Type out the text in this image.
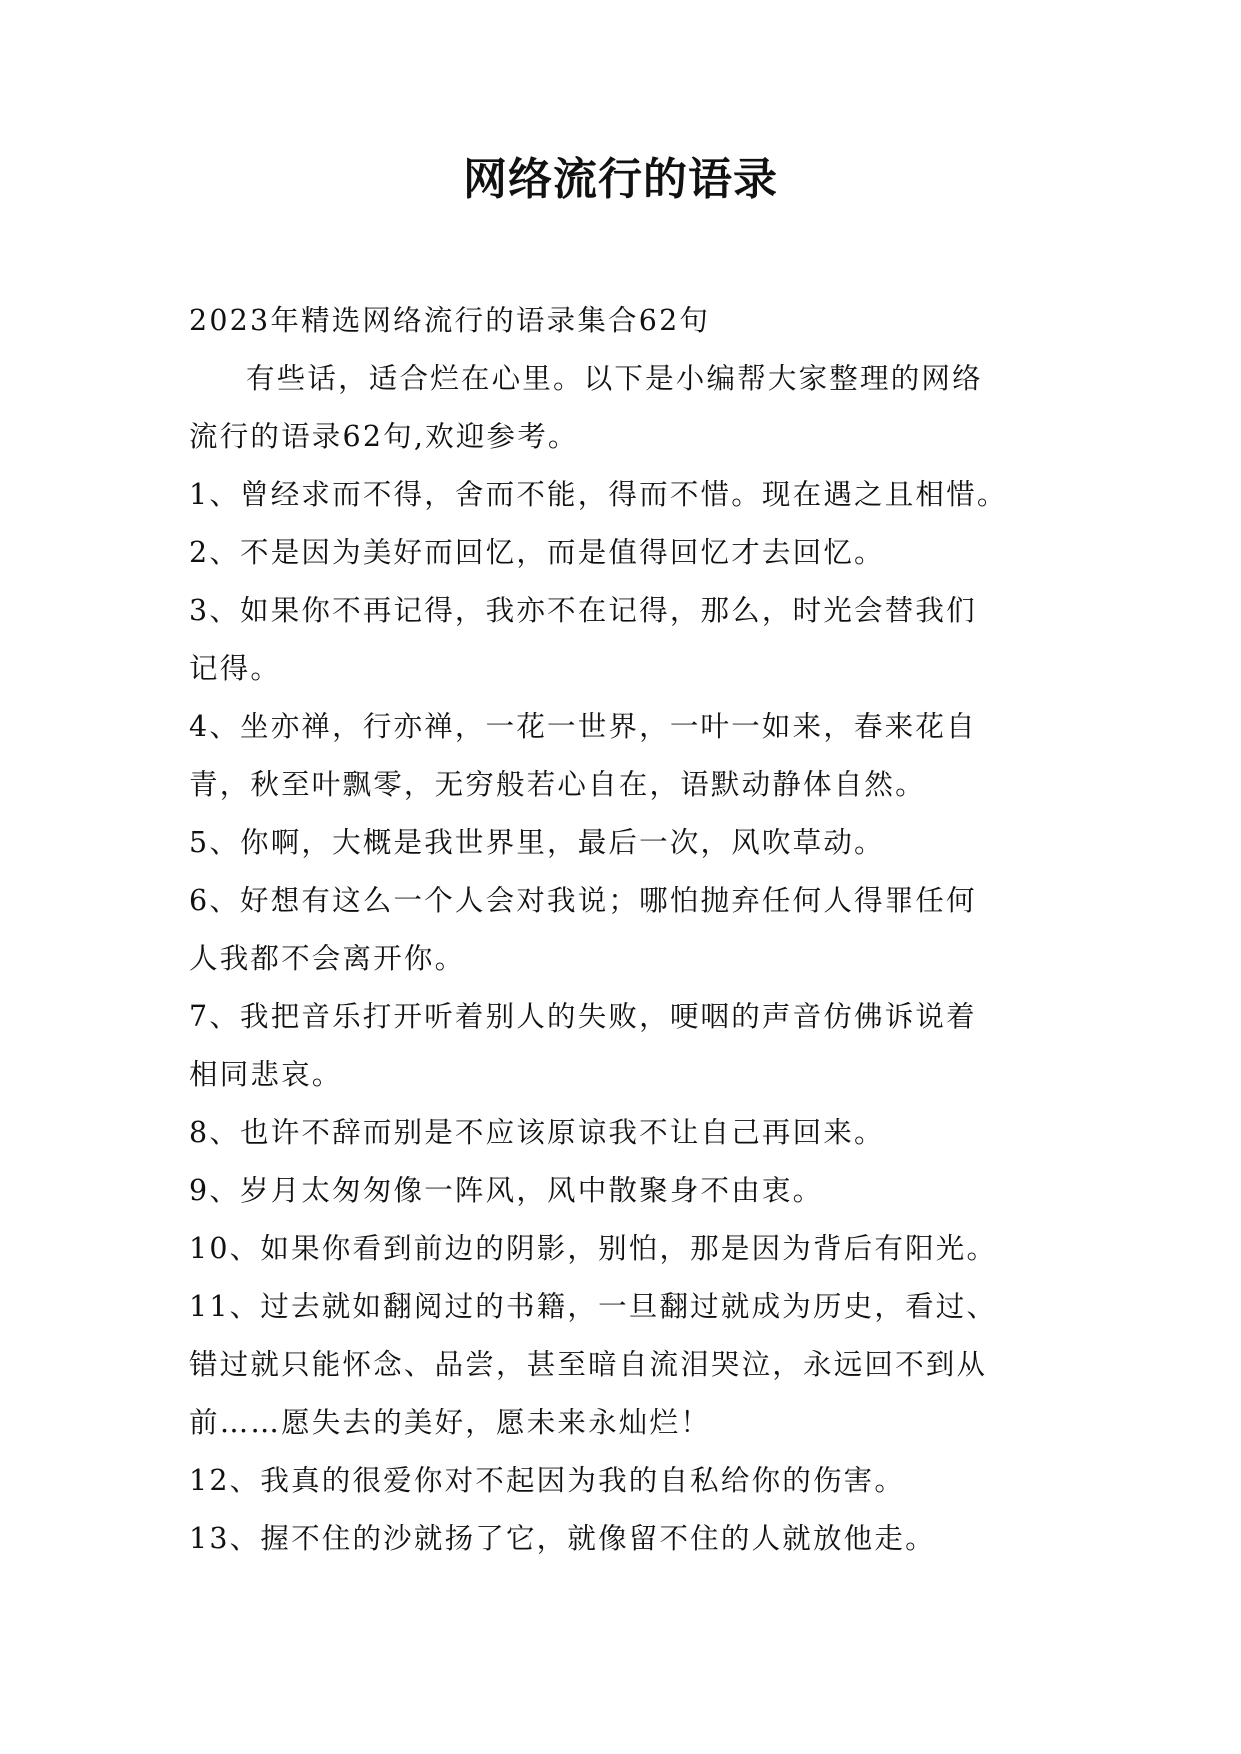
网络流行的语录

2023年精选网络流行的语录集合62句

有些话，适合烂在心里。以下是小编帮大家整理的网络
流行的语录62句,欢迎参考。

1、曾经求而不得，舍而不能，得而不惜。现在遇之且相惜。

2、不是因为美好而回忆，而是值得回忆才去回忆。

3、如果你不再记得，我亦不在记得，那么，时光会替我们
记得。

4、坐亦禅，行亦禅，一花一世界，一叶一如来，春来花自
青，秋至叶飘零，无穷般若心自在，语默动静体自然。

5、你啊，大概是我世界里，最后一次，风吹草动。

6、好想有这么一个人会对我说；哪怕抛弃任何人得罪任何
人我都不会离开你。

7、我把音乐打开听着别人的失败，哽咽的声音仿佛诉说着
相同悲哀。

8、也许不辞而别是不应该原谅我不让自己再回来。

9、岁月太匆匆像一阵风，风中散聚身不由衷。

10、如果你看到前边的阴影，别怕，那是因为背后有阳光。

11、过去就如翻阅过的书籍，一旦翻过就成为历史，看过、
错过就只能怀念、品尝，甚至暗自流泪哭泣，永远回不到从
前……愿失去的美好，愿未来永灿烂！

12、我真的很爱你对不起因为我的自私给你的伤害。

13、握不住的沙就扬了它，就像留不住的人就放他走。
